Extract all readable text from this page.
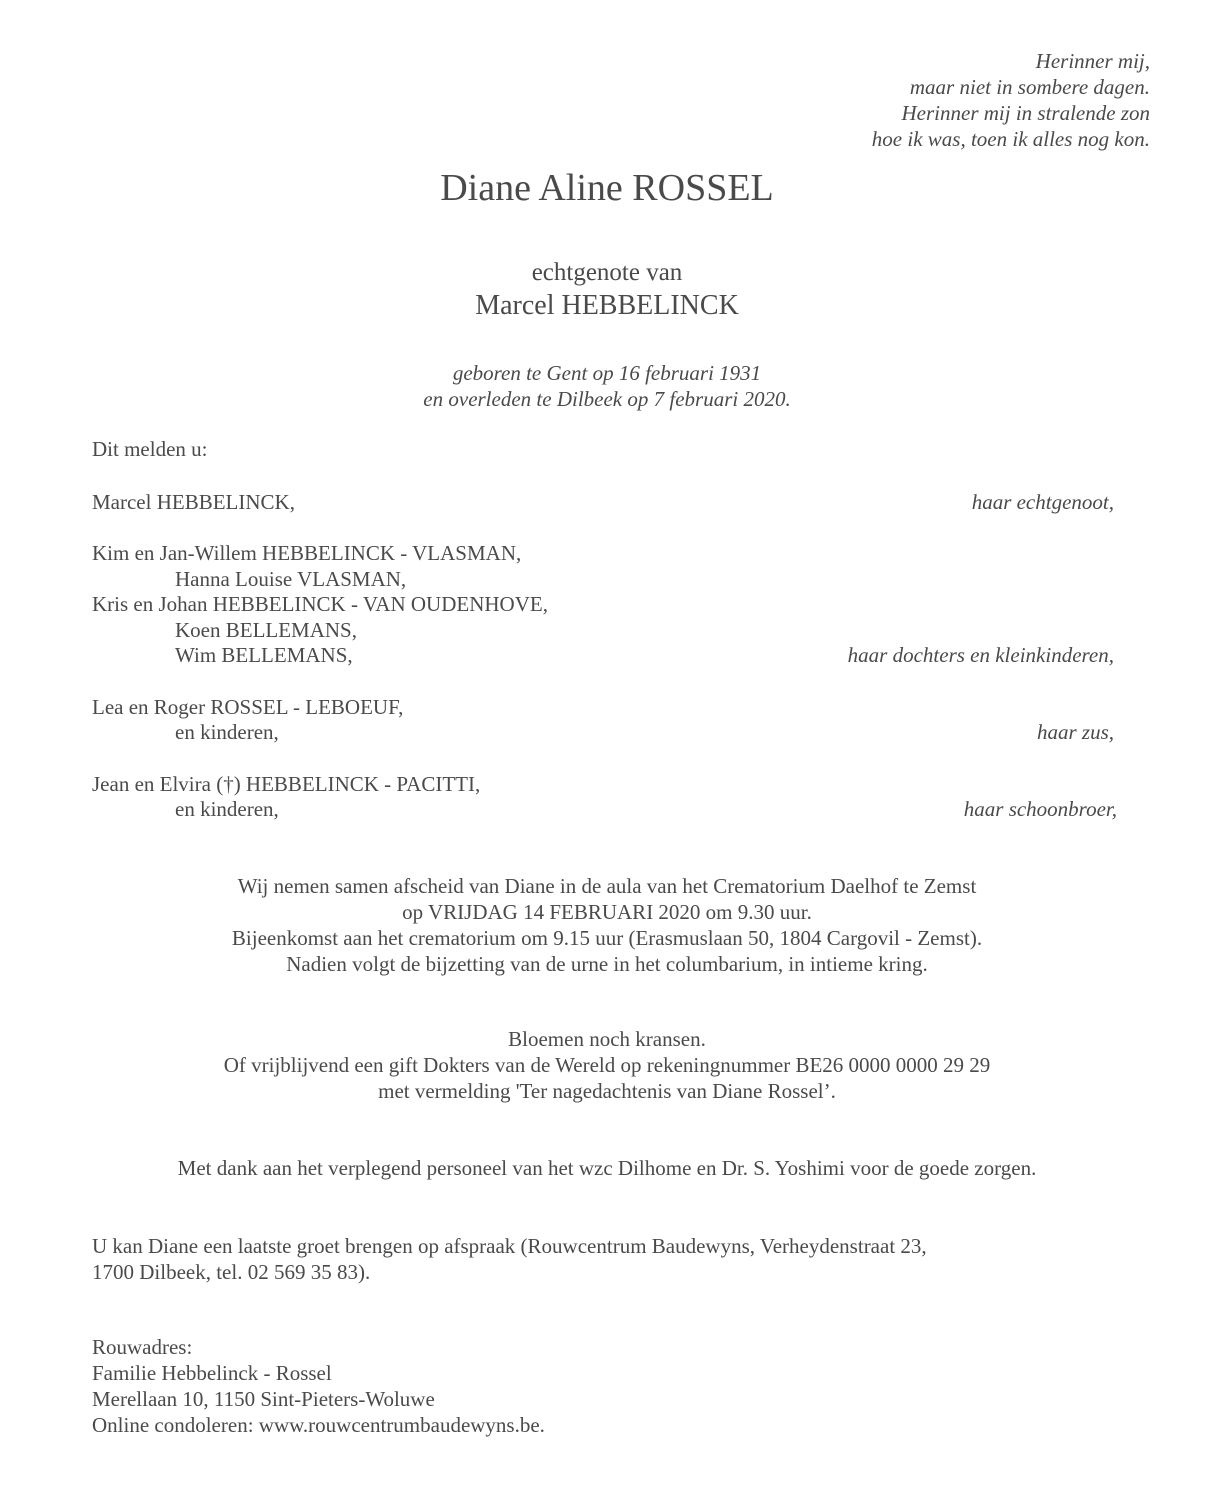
Herinner mij,
maar niet in sombere dagen.
Herinner mij in stralende zon
hoe ik was, toen ik alles nog kon.
Diane Aline ROSSEL
echtgenote van
Marcel HEBBELINCK
geboren te Gent op 16 februari 1931
en overleden te Dilbeek op 7 februari 2020.
Dit melden u:
Marcel HEBBELINCK,	haar echtgenoot,
Kim en Jan-Willem HEBBELINCK - VLASMAN,
Hanna Louise VLASMAN,
Kris en Johan HEBBELINCK - VAN OUDENHOVE,
Koen BELLEMANS,
Wim BELLEMANS,	haar dochters en kleinkinderen,
Lea en Roger ROSSEL - LEBOEUF,
en kinderen,	haar zus,
Jean en Elvira (†) HEBBELINCK - PACITTI,
en kinderen,	haar schoonbroer,
Wij nemen samen afscheid van Diane in de aula van het Crematorium Daelhof te Zemst
op VRIJDAG 14 FEBRUARI 2020 om 9.30 uur.
Bijeenkomst aan het crematorium om 9.15 uur (Erasmuslaan 50, 1804 Cargovil - Zemst).
Nadien volgt de bijzetting van de urne in het columbarium, in intieme kring.
Bloemen noch kransen.
Of vrijblijvend een gift Dokters van de Wereld op rekeningnummer BE26 0000 0000 29 29
met vermelding 'Ter nagedachtenis van Diane Rossel’.
Met dank aan het verplegend personeel van het wzc Dilhome en Dr. S. Yoshimi voor de goede zorgen.
U kan Diane een laatste groet brengen op afspraak (Rouwcentrum Baudewyns, Verheydenstraat 23,
1700 Dilbeek, tel. 02 569 35 83).
Rouwadres:
Familie Hebbelinck - Rossel
Merellaan 10, 1150 Sint-Pieters-Woluwe
Online condoleren: www.rouwcentrumbaudewyns.be.
